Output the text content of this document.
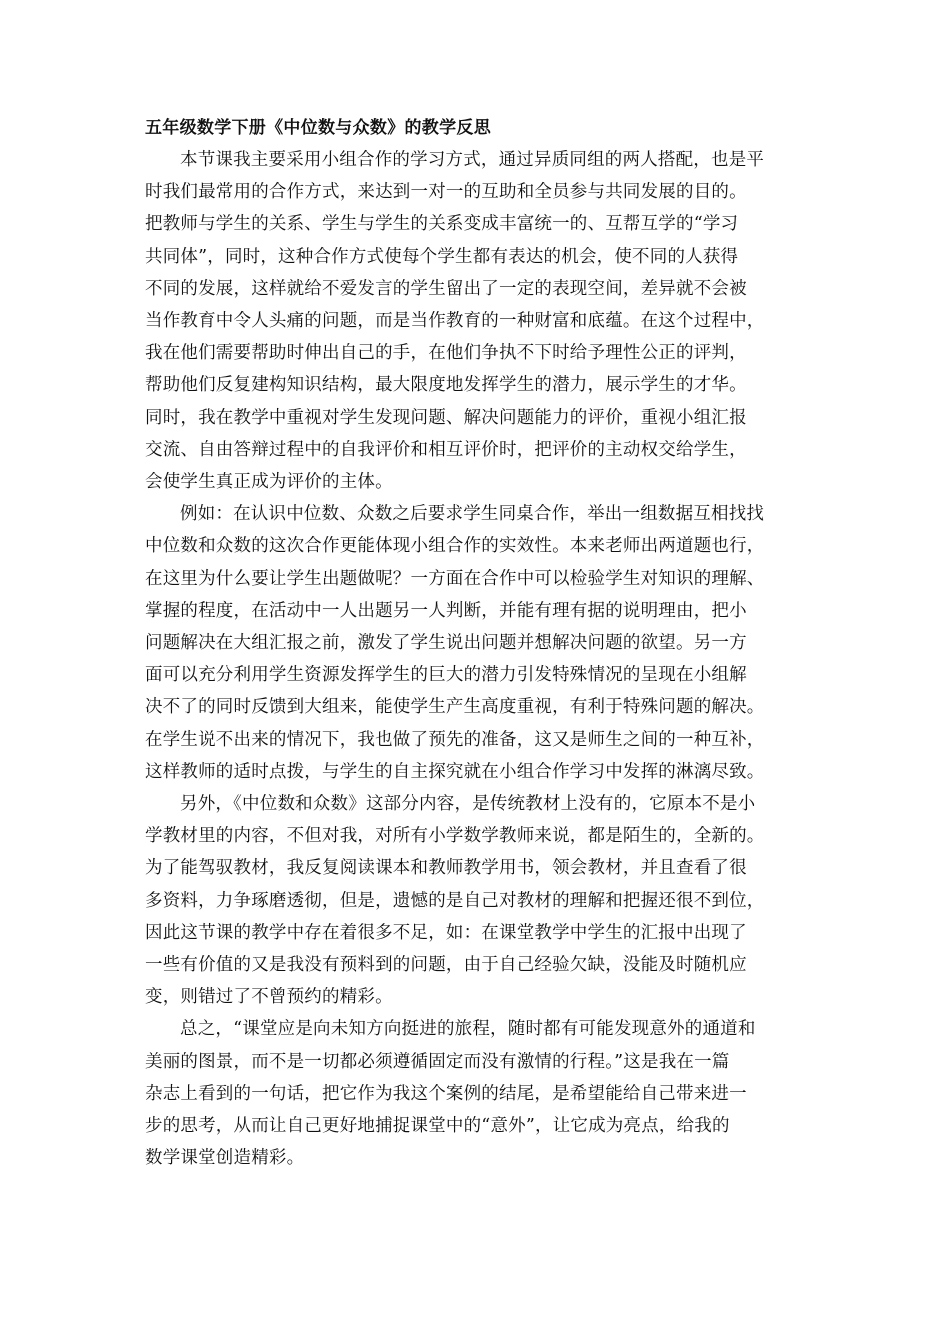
五年级数学下册《中位数与众数》的教学反思

本节课我主要采用小组合作的学习方式，通过异质同组的两人搭配，也是平
时我们最常用的合作方式，来达到一对一的互助和全员参与共同发展的目的。
把教师与学生的关系、学生与学生的关系变成丰富统一的、互帮互学的“学习
共同体”，同时，这种合作方式使每个学生都有表达的机会，使不同的人获得
不同的发展，这样就给不爱发言的学生留出了一定的表现空间，差异就不会被
当作教育中令人头痛的问题，而是当作教育的一种财富和底蕴。在这个过程中，
我在他们需要帮助时伸出自己的手，在他们争执不下时给予理性公正的评判，
帮助他们反复建构知识结构，最大限度地发挥学生的潜力，展示学生的才华。
同时，我在教学中重视对学生发现问题、解决问题能力的评价，重视小组汇报
交流、自由答辩过程中的自我评价和相互评价时，把评价的主动权交给学生，
会使学生真正成为评价的主体。

例如：在认识中位数、众数之后要求学生同桌合作，举出一组数据互相找找
中位数和众数的这次合作更能体现小组合作的实效性。本来老师出两道题也行，
在这里为什么要让学生出题做呢？一方面在合作中可以检验学生对知识的理解、
掌握的程度，在活动中一人出题另一人判断，并能有理有据的说明理由，把小
问题解决在大组汇报之前，激发了学生说出问题并想解决问题的欲望。另一方
面可以充分利用学生资源发挥学生的巨大的潜力引发特殊情况的呈现在小组解
决不了的同时反馈到大组来，能使学生产生高度重视，有利于特殊问题的解决。
在学生说不出来的情况下，我也做了预先的准备，这又是师生之间的一种互补，
这样教师的适时点拨，与学生的自主探究就在小组合作学习中发挥的淋漓尽致。

另外，《中位数和众数》这部分内容，是传统教材上没有的，它原本不是小
学教材里的内容，不但对我，对所有小学数学教师来说，都是陌生的，全新的。
为了能驾驭教材，我反复阅读课本和教师教学用书，领会教材，并且查看了很
多资料，力争琢磨透彻，但是，遗憾的是自己对教材的理解和把握还很不到位，
因此这节课的教学中存在着很多不足，如：在课堂教学中学生的汇报中出现了
一些有价值的又是我没有预料到的问题，由于自己经验欠缺，没能及时随机应
变，则错过了不曾预约的精彩。

总之，“课堂应是向未知方向挺进的旅程，随时都有可能发现意外的通道和
美丽的图景，而不是一切都必须遵循固定而没有激情的行程。”这是我在一篇
杂志上看到的一句话，把它作为我这个案例的结尾，是希望能给自己带来进一
步的思考，从而让自己更好地捕捉课堂中的“意外”，让它成为亮点，给我的
数学课堂创造精彩。
